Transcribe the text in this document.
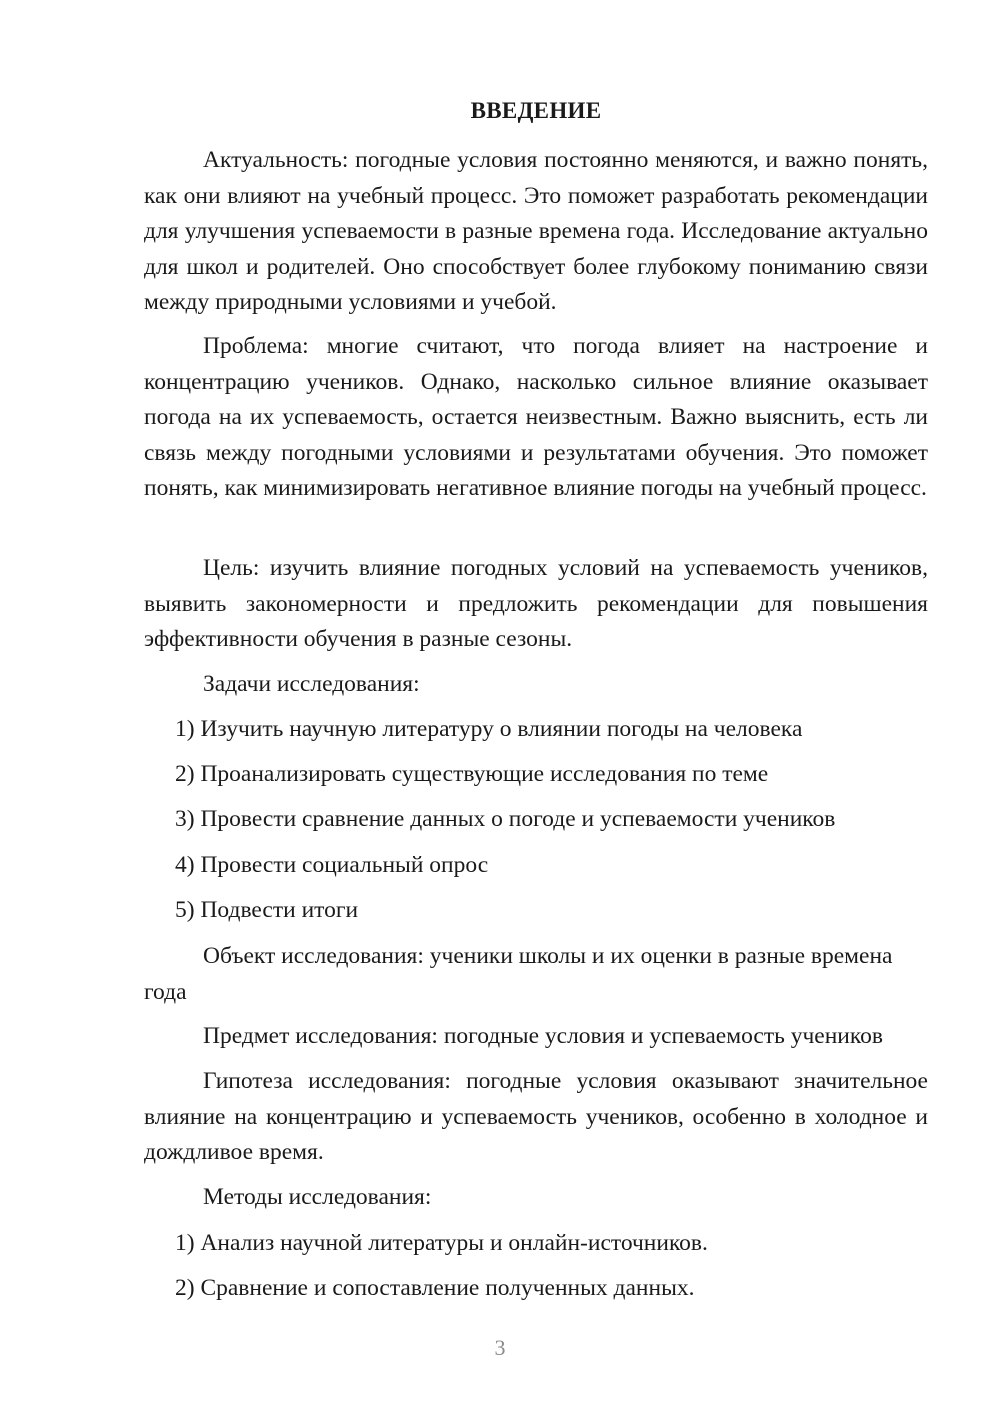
ВВЕДЕНИЕ

Актуальность: погодные условия постоянно меняются, и важно понять, как они влияют на учебный процесс. Это поможет разработать рекомендации для улучшения успеваемости в разные времена года. Исследование актуально для школ и родителей. Оно способствует более глубокому пониманию связи между природными условиями и учебой.

Проблема: многие считают, что погода влияет на настроение и концентрацию учеников. Однако, насколько сильное влияние оказывает погода на их успеваемость, остается неизвестным. Важно выяснить, есть ли связь между погодными условиями и результатами обучения. Это поможет понять, как минимизировать негативное влияние погоды на учебный процесс.

Цель: изучить влияние погодных условий на успеваемость учеников, выявить закономерности и предложить рекомендации для повышения эффективности обучения в разные сезоны.

Задачи исследования:

1) Изучить научную литературу о влиянии погоды на человека

2) Проанализировать существующие исследования по теме

3) Провести сравнение данных о погоде и успеваемости учеников

4) Провести социальный опрос

5) Подвести итоги

Объект исследования: ученики школы и их оценки в разные времена года

Предмет исследования: погодные условия и успеваемость учеников

Гипотеза исследования: погодные условия оказывают значительное влияние на концентрацию и успеваемость учеников, особенно в холодное и дождливое время.

Методы исследования:

1) Анализ научной литературы и онлайн-источников.

2) Сравнение и сопоставление полученных данных.

3
